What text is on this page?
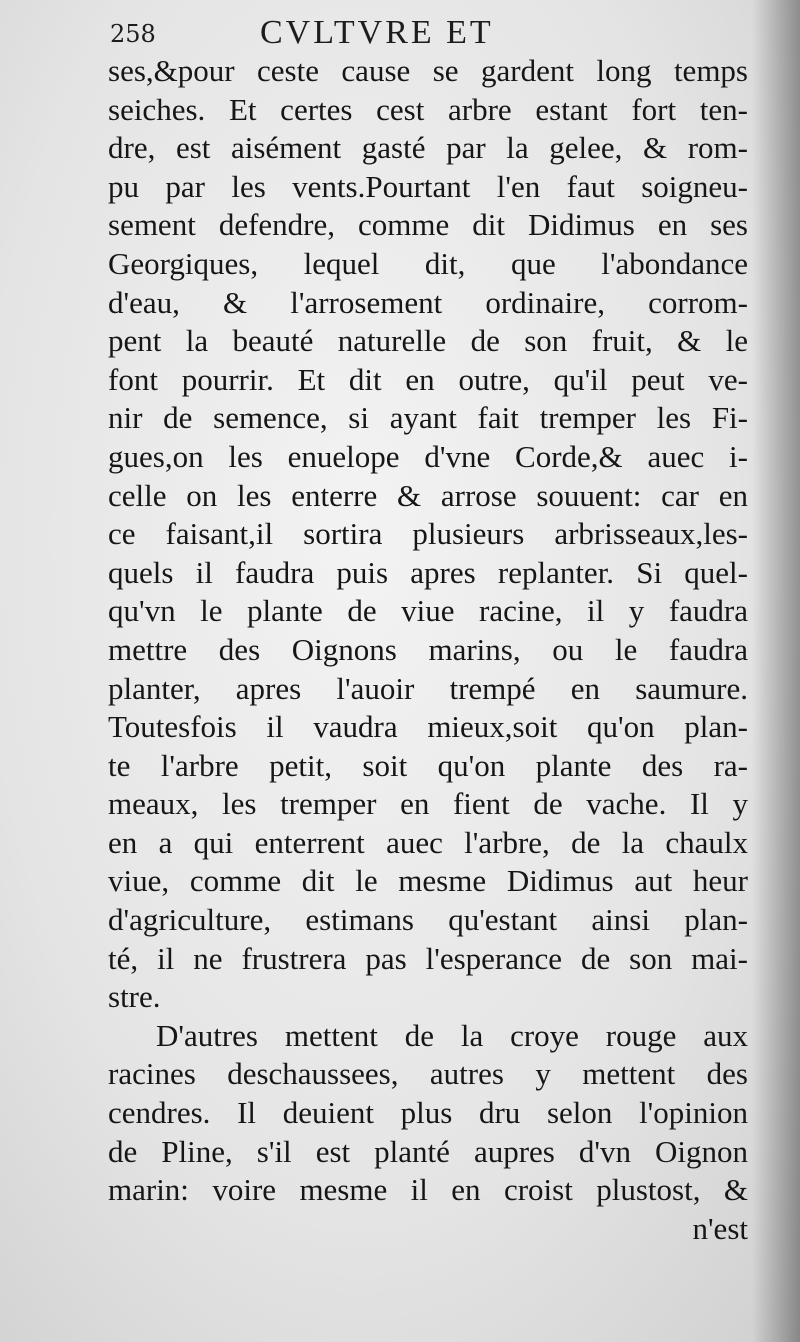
258	CVLTVRE ET
ses,&pour ceste cause se gardent long temps
seiches. Et certes cest arbre estant fort ten-
dre, est aisément gasté par la gelee, & rom-
pu par les vents.Pourtant l'en faut soigneu-
sement defendre, comme dit Didimus en ses
Georgiques, lequel dit, que l'abondance
d'eau, & l'arrosement ordinaire, corrom-
pent la beauté naturelle de son fruit, & le
font pourrir. Et dit en outre, qu'il peut ve-
nir de semence, si ayant fait tremper les Fi-
gues,on les enuelope d'vne Corde,& auec i-
celle on les enterre & arrose souuent: car en
ce faisant,il sortira plusieurs arbrisseaux,les-
quels il faudra puis apres replanter. Si quel-
qu'vn le plante de viue racine, il y faudra
mettre des Oignons marins, ou le faudra
planter, apres l'auoir trempé en saumure.
Toutesfois il vaudra mieux,soit qu'on plan-
te l'arbre petit, soit qu'on plante des ra-
meaux, les tremper en fient de vache. Il y
en a qui enterrent auec l'arbre, de la chaulx
viue, comme dit le mesme Didimus aut heur
d'agriculture, estimans qu'estant ainsi plan-
té, il ne frustrera pas l'esperance de son mai-
stre.
D'autres mettent de la croye rouge aux
racines deschaussees, autres y mettent des
cendres. Il deuient plus dru selon l'opinion
de Pline, s'il est planté aupres d'vn Oignon
marin: voire mesme il en croist plustost, &
n'est
